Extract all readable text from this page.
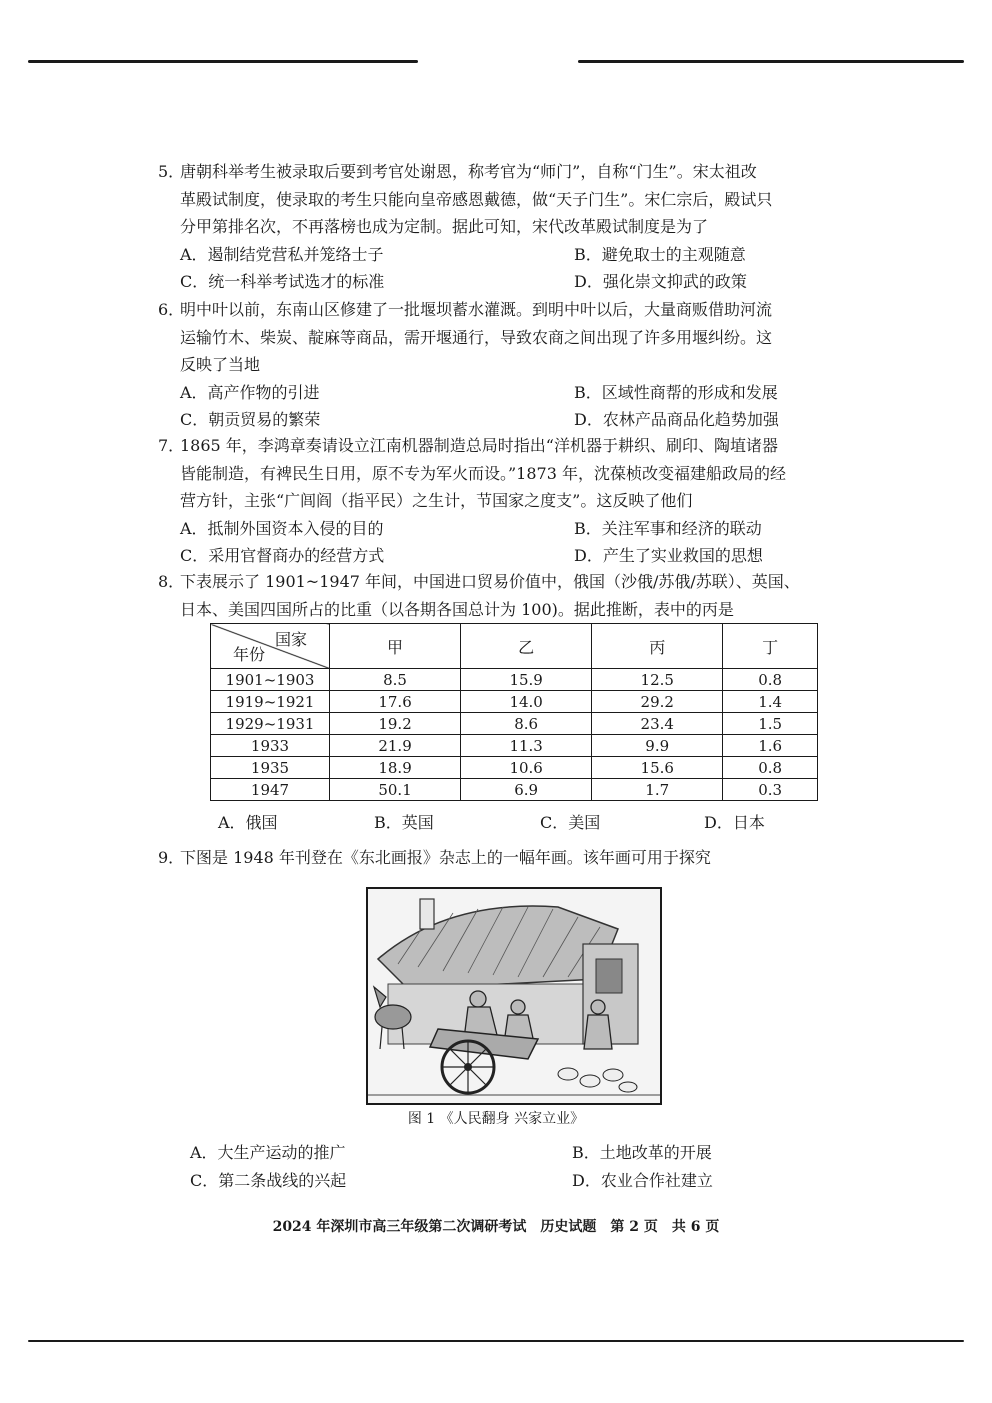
5．
唐朝科举考生被录取后要到考官处谢恩，称考官为“师门”，自称“门生”。宋太祖改
革殿试制度，使录取的考生只能向皇帝感恩戴德，做“天子门生”。宋仁宗后，殿试只
分甲第排名次，不再落榜也成为定制。据此可知，宋代改革殿试制度是为了
A．遏制结党营私并笼络士子	B．避免取士的主观随意
C．统一科举考试选才的标准	D．强化崇文抑武的政策
6．
明中叶以前，东南山区修建了一批堰坝蓄水灌溉。到明中叶以后，大量商贩借助河流
运输竹木、柴炭、靛麻等商品，需开堰通行，导致农商之间出现了许多用堰纠纷。这
反映了当地
A．高产作物的引进	B．区域性商帮的形成和发展
C．朝贡贸易的繁荣	D．农林产品商品化趋势加强
7．
1865 年，李鸿章奏请设立江南机器制造总局时指出“洋机器于耕织、刷印、陶埴诸器
皆能制造，有裨民生日用，原不专为军火而设。”1873 年，沈葆桢改变福建船政局的经
营方针，主张“广闾阎（指平民）之生计，节国家之度支”。这反映了他们
A．抵制外国资本入侵的目的	B．关注军事和经济的联动
C．采用官督商办的经营方式	D．产生了实业救国的思想
8．
下表展示了 1901~1947 年间，中国进口贸易价值中，俄国（沙俄/苏俄/苏联）、英国、
日本、美国四国所占的比重（以各期各国总计为 100)。据此推断，表中的丙是
国家
年份	甲	乙	丙	丁
1901~1903	8.5	15.9	12.5	0.8
1919~1921	17.6	14.0	29.2	1.4
1929~1931	19.2	8.6	23.4	1.5
1933	21.9	11.3	9.9	1.6
1935	18.9	10.6	15.6	0.8
1947	50.1	6.9	1.7	0.3
A．俄国	B．英国	C．美国	D．日本
9．
下图是 1948 年刊登在《东北画报》杂志上的一幅年画。该年画可用于探究
图 1 《人民翻身 兴家立业》
A．大生产运动的推广	B．土地改革的开展
C．第二条战线的兴起	D．农业合作社建立
2024 年深圳市高三年级第二次调研考试　历史试题　第 2 页　共 6 页
